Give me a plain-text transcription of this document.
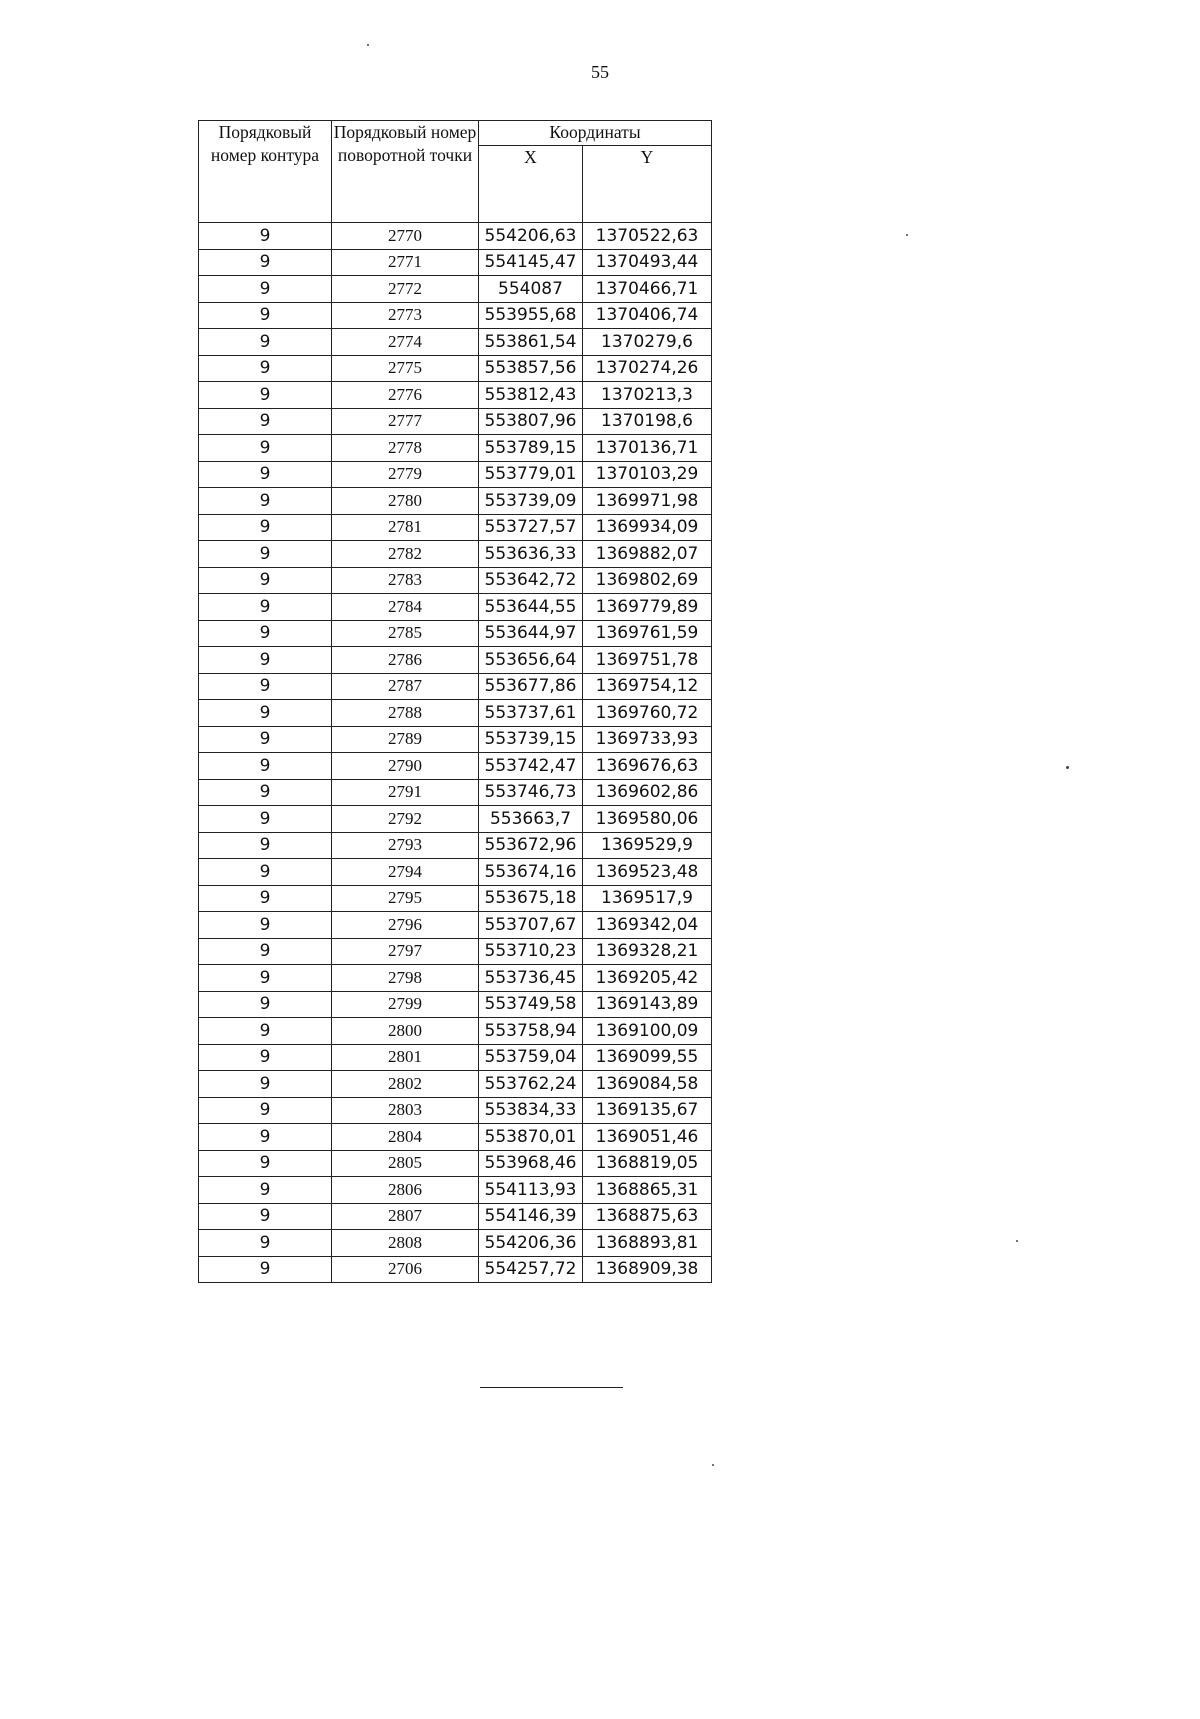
55
Порядковый номер контура	Порядковый номер поворотной точки	Координаты	
		X	Y
9	2770	554206,63	1370522,63
9	2771	554145,47	1370493,44
9	2772	554087	1370466,71
9	2773	553955,68	1370406,74
9	2774	553861,54	1370279,6
9	2775	553857,56	1370274,26
9	2776	553812,43	1370213,3
9	2777	553807,96	1370198,6
9	2778	553789,15	1370136,71
9	2779	553779,01	1370103,29
9	2780	553739,09	1369971,98
9	2781	553727,57	1369934,09
9	2782	553636,33	1369882,07
9	2783	553642,72	1369802,69
9	2784	553644,55	1369779,89
9	2785	553644,97	1369761,59
9	2786	553656,64	1369751,78
9	2787	553677,86	1369754,12
9	2788	553737,61	1369760,72
9	2789	553739,15	1369733,93
9	2790	553742,47	1369676,63
9	2791	553746,73	1369602,86
9	2792	553663,7	1369580,06
9	2793	553672,96	1369529,9
9	2794	553674,16	1369523,48
9	2795	553675,18	1369517,9
9	2796	553707,67	1369342,04
9	2797	553710,23	1369328,21
9	2798	553736,45	1369205,42
9	2799	553749,58	1369143,89
9	2800	553758,94	1369100,09
9	2801	553759,04	1369099,55
9	2802	553762,24	1369084,58
9	2803	553834,33	1369135,67
9	2804	553870,01	1369051,46
9	2805	553968,46	1368819,05
9	2806	554113,93	1368865,31
9	2807	554146,39	1368875,63
9	2808	554206,36	1368893,81
9	2706	554257,72	1368909,38
